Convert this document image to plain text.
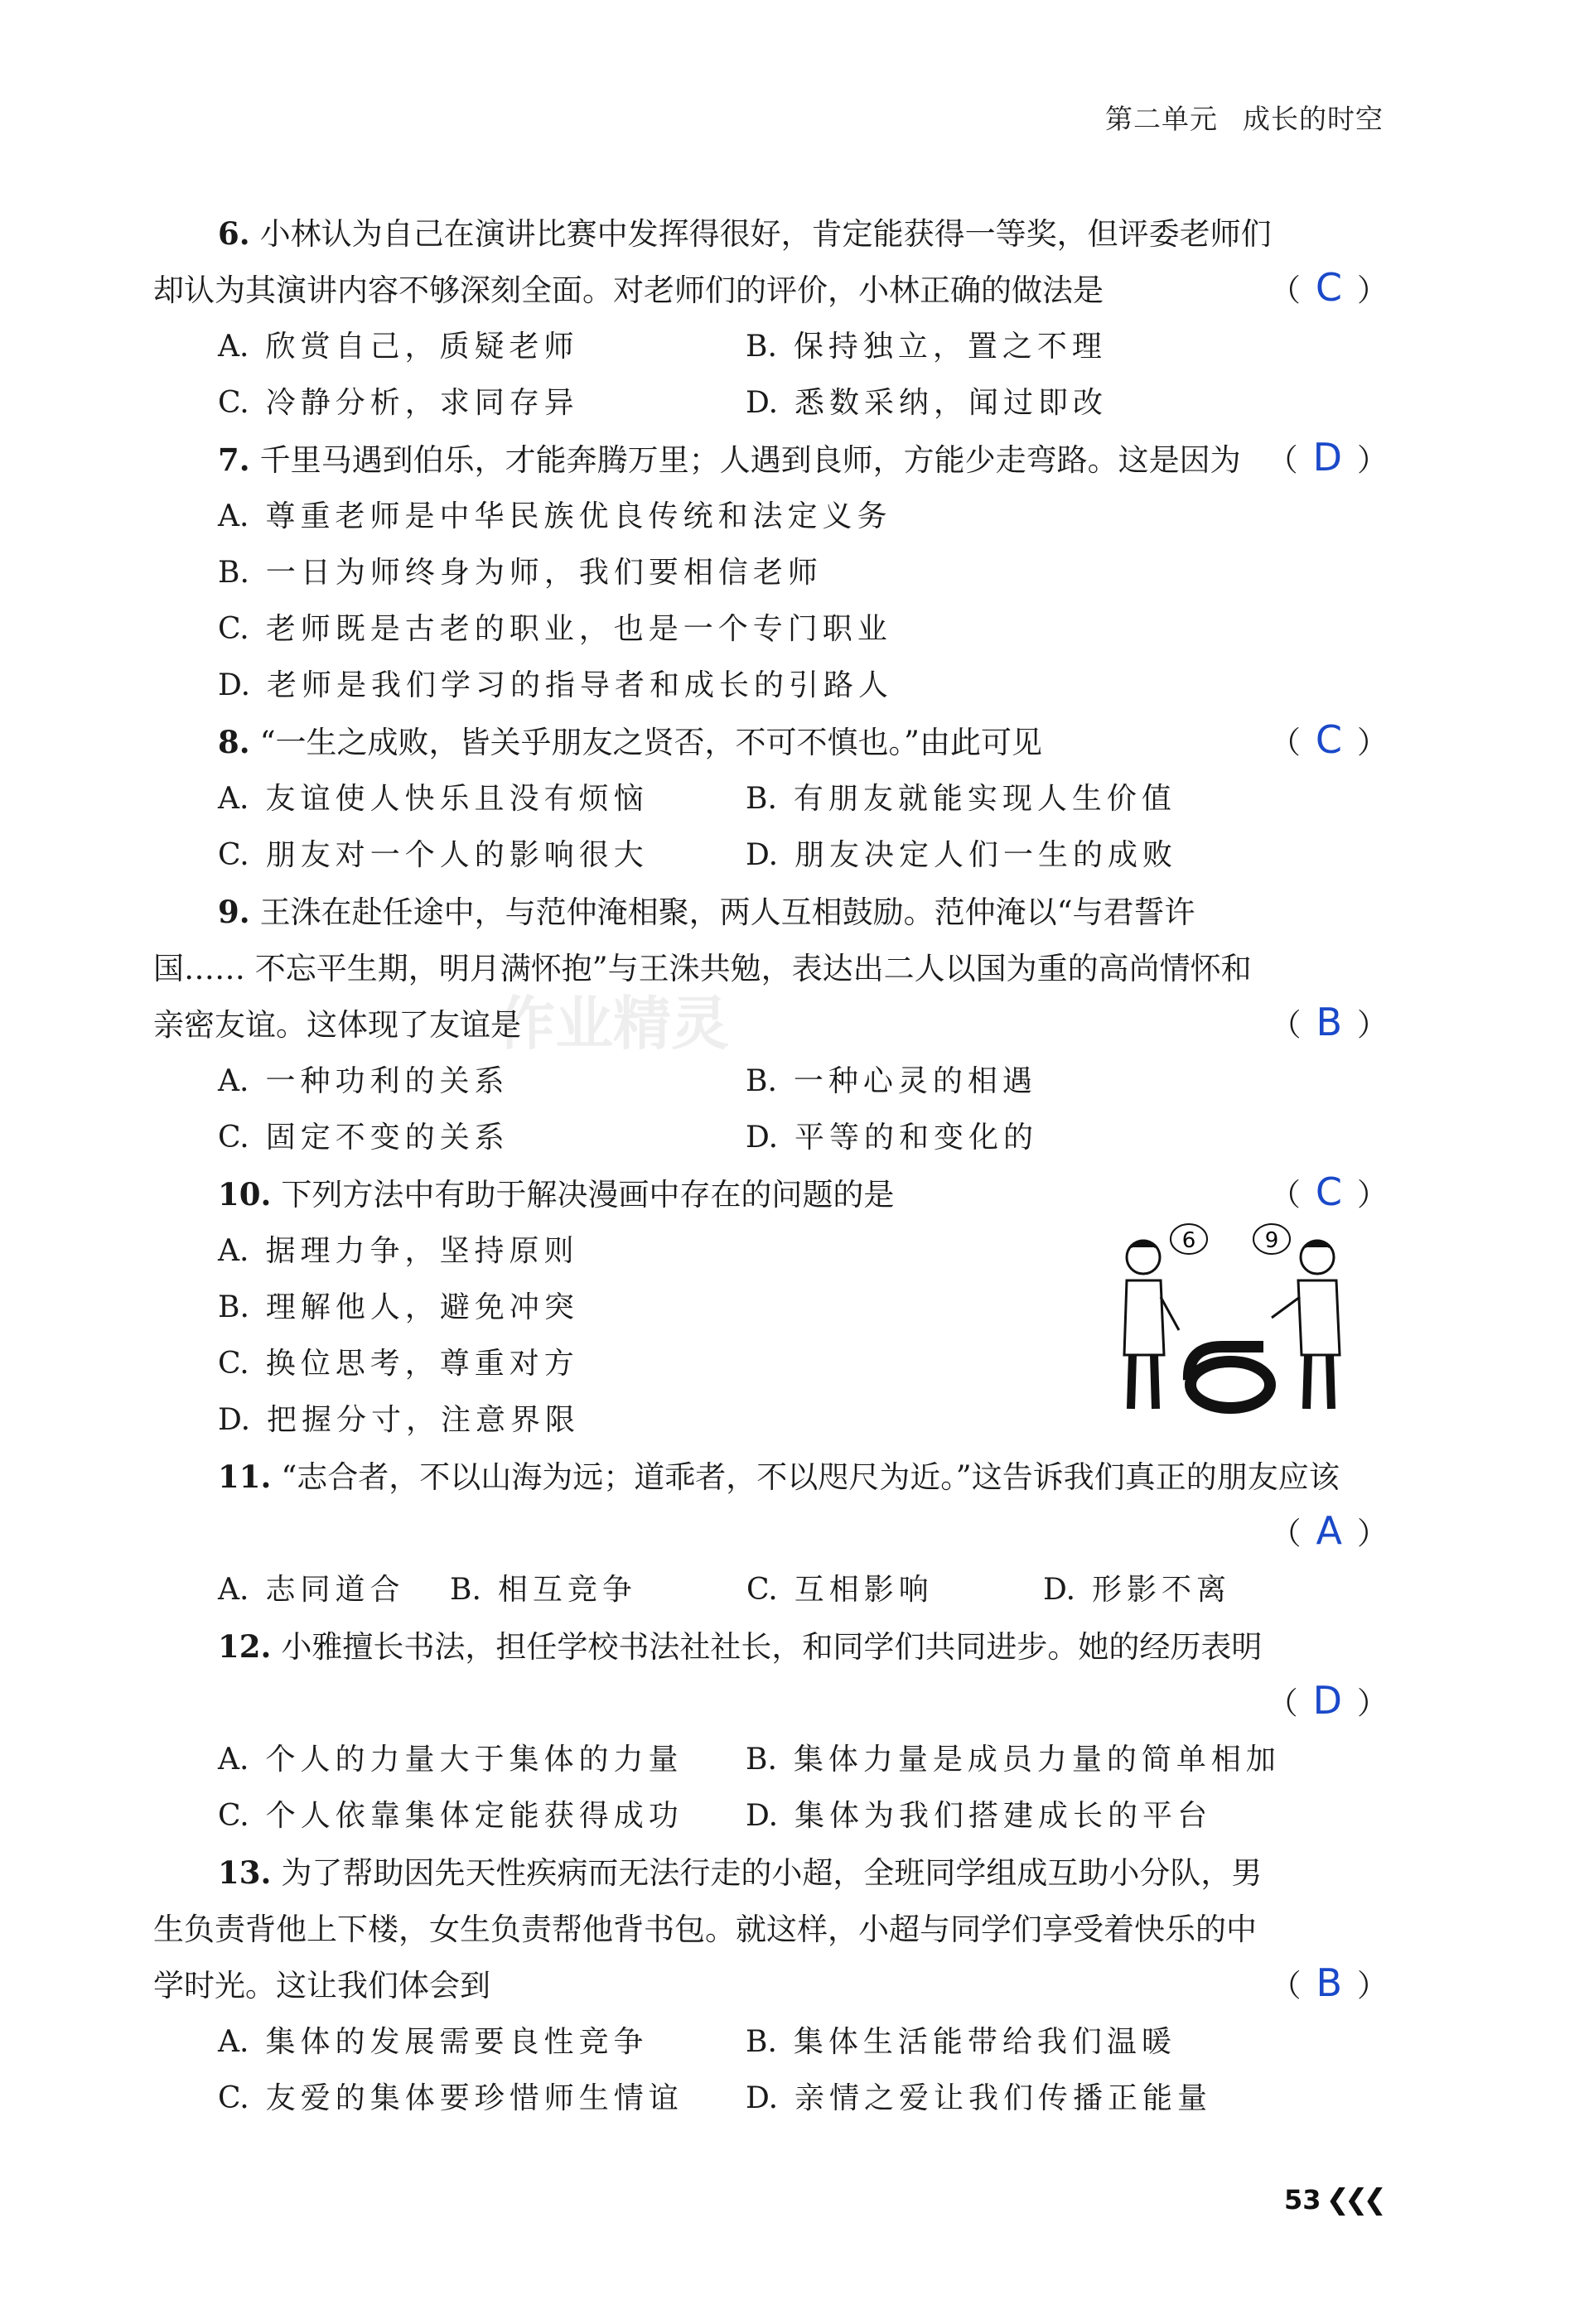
第二单元 成长的时空
作业精灵
6. 小林认为自己在演讲比赛中发挥得很好，肯定能获得一等奖，但评委老师们却认为其演讲内容不够深刻全面。对老师们的评价，小林正确的做法是	（ C ）
A. 欣赏自己，质疑老师	B. 保持独立，置之不理C. 冷静分析，求同存异	D. 悉数采纳，闻过即改
7. 千里马遇到伯乐，才能奔腾万里；人遇到良师，方能少走弯路。这是因为 （ D ）
A. 尊重老师是中华民族优良传统和法定义务
B. 一日为师终身为师，我们要相信老师
C. 老师既是古老的职业，也是一个专门职业
D. 老师是我们学习的指导者和成长的引路人
8. “一生之成败，皆关乎朋友之贤否，不可不慎也。”由此可见	（ C ）
A. 友谊使人快乐且没有烦恼	B. 有朋友就能实现人生价值C. 朋友对一个人的影响很大	D. 朋友决定人们一生的成败
9. 王洙在赴任途中，与范仲淹相聚，两人互相鼓励。范仲淹以“与君誓许国…… 不忘平生期，明月满怀抱”与王洙共勉，表达出二人以国为重的高尚情怀和亲密友谊。这体现了友谊是	（ B ）
A. 一种功利的关系	B. 一种心灵的相遇C. 固定不变的关系	D. 平等的和变化的
10. 下列方法中有助于解决漫画中存在的问题的是	（ C ）
A. 据理力争，坚持原则
B. 理解他人，避免冲突
C. 换位思考，尊重对方
D. 把握分寸，注意界限
11. “志合者，不以山海为远；道乖者，不以咫尺为近。”这告诉我们真正的朋友应该
（ A ）
A. 志同道合 B. 相互竞争	C. 互相影响	D. 形影不离
12. 小雅擅长书法，担任学校书法社社长，和同学们共同进步。她的经历表明
（ D ）
A. 个人的力量大于集体的力量 B. 集体力量是成员力量的简单相加C. 个人依靠集体定能获得成功 D. 集体为我们搭建成长的平台
13. 为了帮助因先天性疾病而无法行走的小超，全班同学组成互助小分队，男生负责背他上下楼，女生负责帮他背书包。就这样，小超与同学们享受着快乐的中学时光。这让我们体会到	（ B ）
A. 集体的发展需要良性竞争	B. 集体生活能带给我们温暖C. 友爱的集体要珍惜师生情谊 D. 亲情之爱让我们传播正能量
6	9
53 ❮❮❮
